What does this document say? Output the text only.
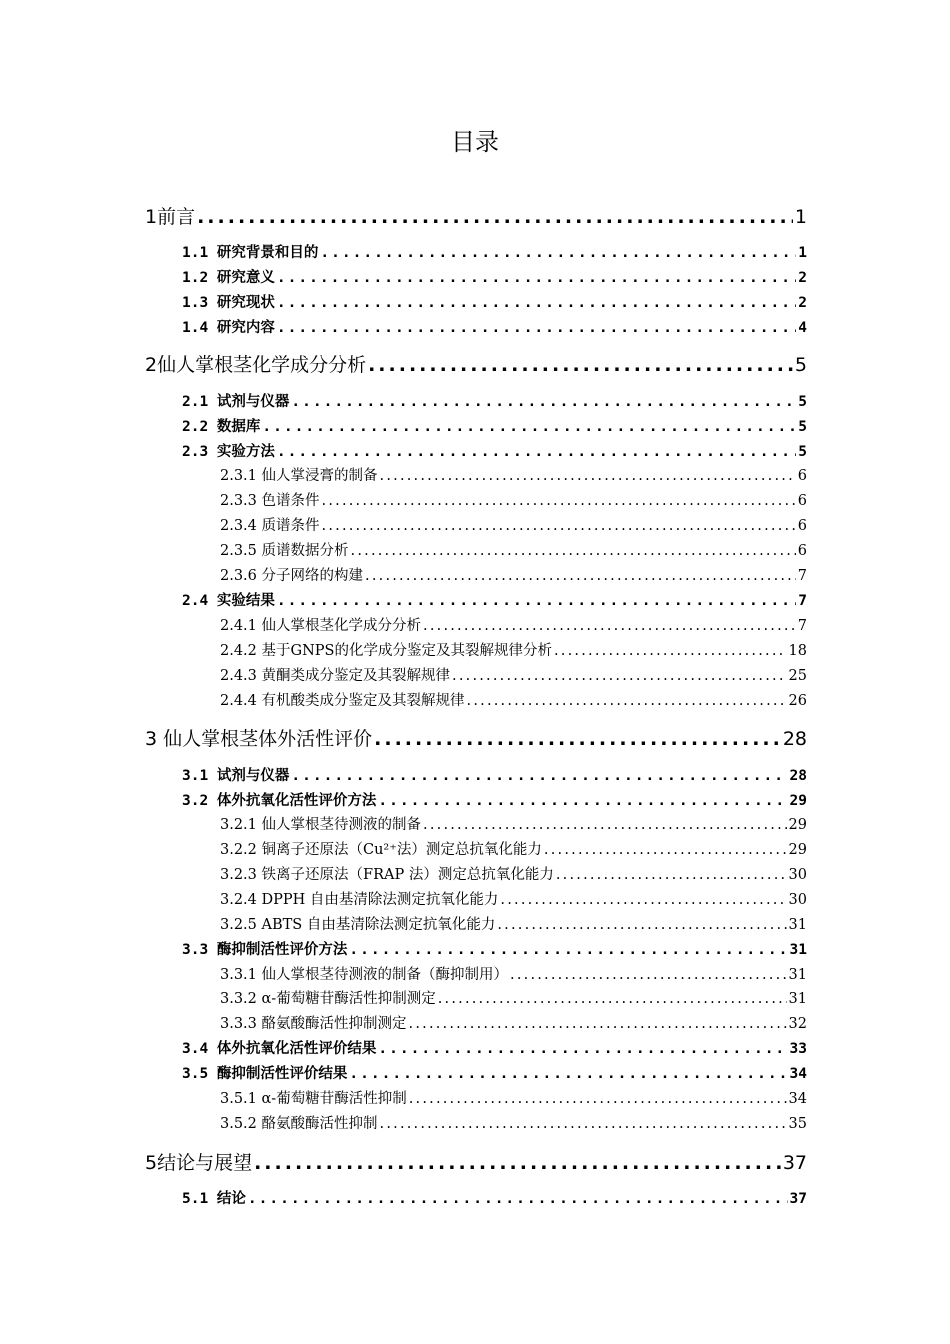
目录
1前言 .....	1
1.1 研究背景和目的 .....	1
1.2 研究意义 .....	2
1.3 研究现状 .....	2
1.4 研究内容 .....	4
2仙人掌根茎化学成分分析 .....	5
2.1 试剂与仪器 .....	5
2.2 数据库 .....	5
2.3 实验方法 .....	5
2.3.1 仙人掌浸膏的制备 .....	6
2.3.3 色谱条件 .....	6
2.3.4 质谱条件 .....	6
2.3.5 质谱数据分析 .....	6
2.3.6 分子网络的构建 .....	7
2.4 实验结果 .....	7
2.4.1 仙人掌根茎化学成分分析 .....	7
2.4.2 基于GNPS的化学成分鉴定及其裂解规律分析 .....	18
2.4.3 黄酮类成分鉴定及其裂解规律 .....	25
2.4.4 有机酸类成分鉴定及其裂解规律 .....	26
3 仙人掌根茎体外活性评价 .....	28
3.1 试剂与仪器 .....	28
3.2 体外抗氧化活性评价方法 .....	29
3.2.1 仙人掌根茎待测液的制备 .....	29
3.2.2 铜离子还原法（Cu²⁺法）测定总抗氧化能力 .....	29
3.2.3 铁离子还原法（FRAP 法）测定总抗氧化能力 .....	30
3.2.4 DPPH 自由基清除法测定抗氧化能力 .....	30
3.2.5 ABTS 自由基清除法测定抗氧化能力 .....	31
3.3 酶抑制活性评价方法 .....	31
3.3.1 仙人掌根茎待测液的制备（酶抑制用） .....	31
3.3.2 α-葡萄糖苷酶活性抑制测定 .....	31
3.3.3 酪氨酸酶活性抑制测定 .....	32
3.4 体外抗氧化活性评价结果 .....	33
3.5 酶抑制活性评价结果 .....	34
3.5.1 α-葡萄糖苷酶活性抑制 .....	34
3.5.2 酪氨酸酶活性抑制 .....	35
5结论与展望 .....	37
5.1 结论 .....	37
